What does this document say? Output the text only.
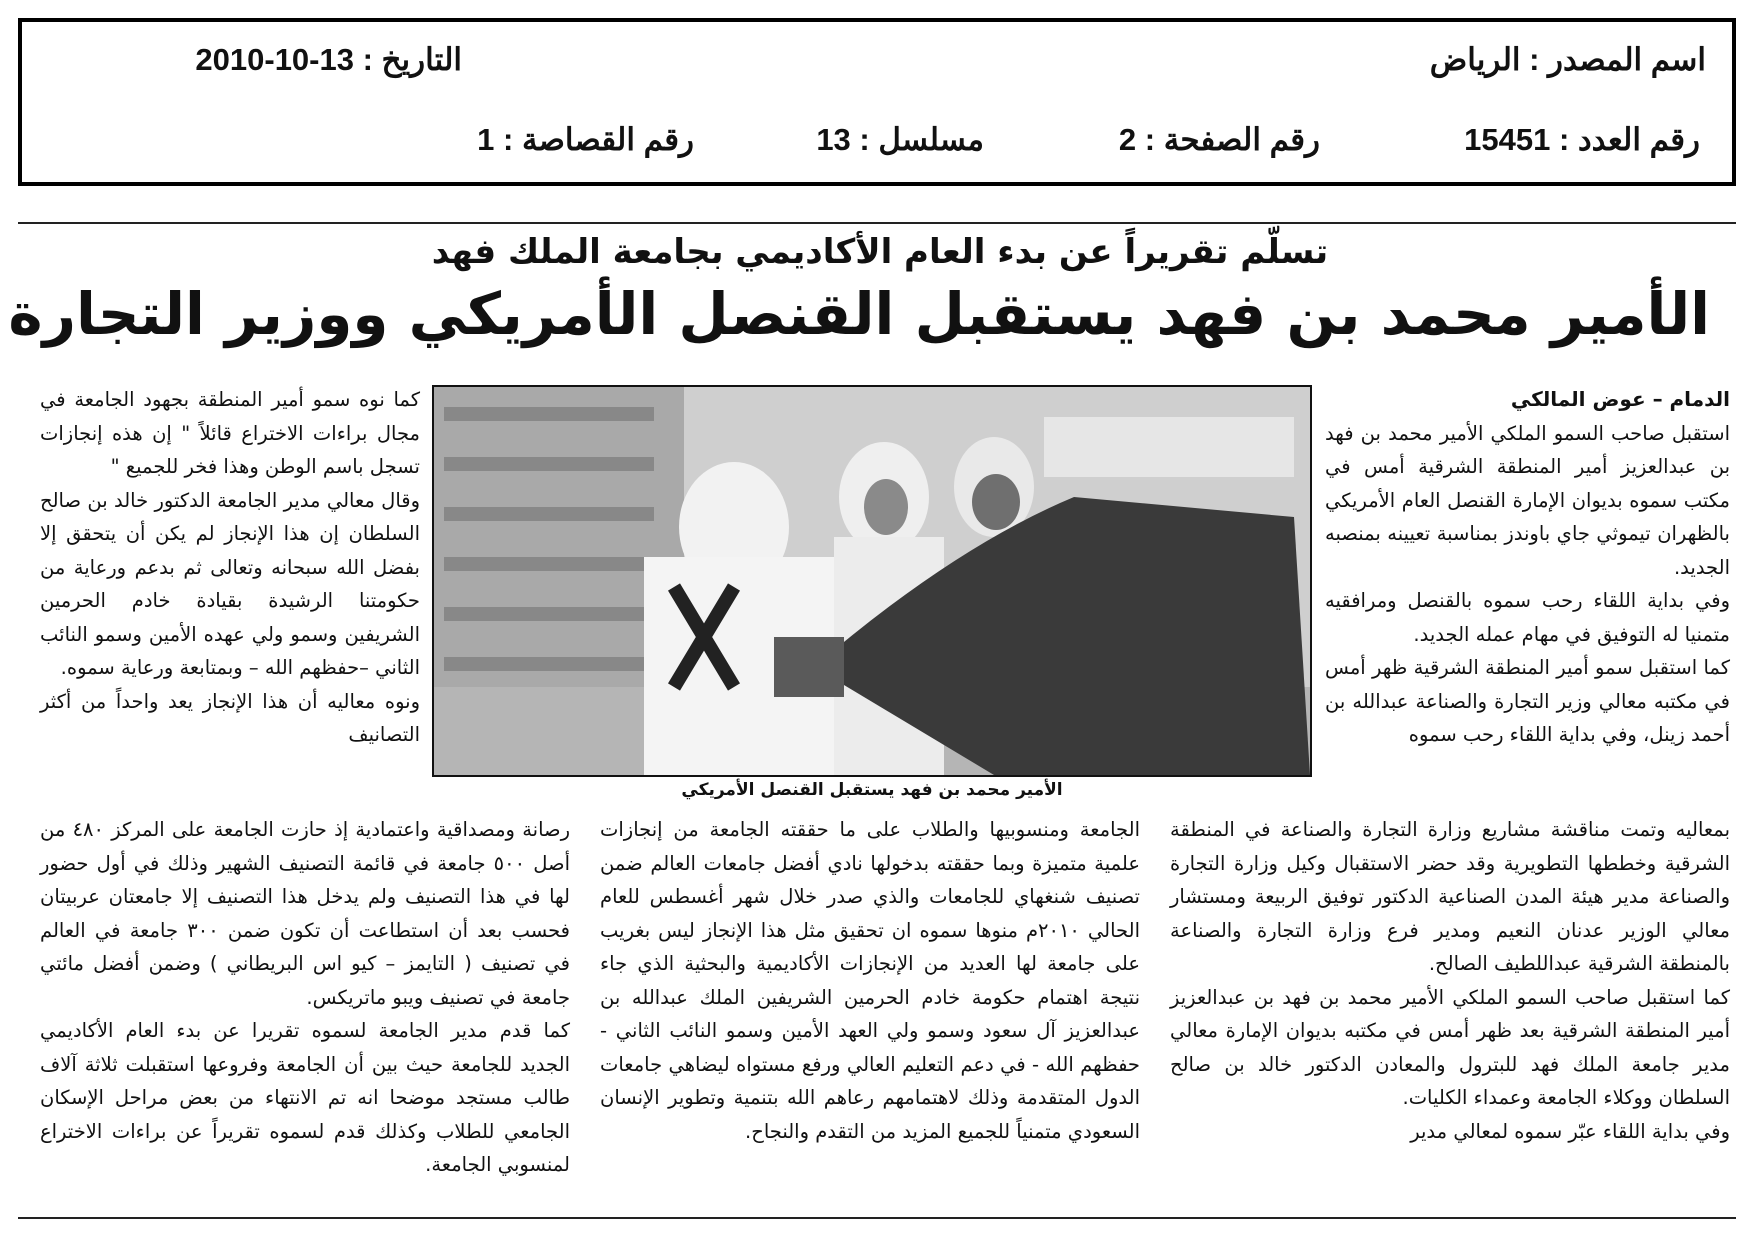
اسم المصدر : الرياض
التاريخ : 13-10-2010
رقم العدد : 15451
رقم الصفحة : 2
مسلسل : 13
رقم القصاصة : 1
تسلّم تقريراً عن بدء العام الأكاديمي بجامعة الملك فهد
الأمير محمد بن فهد يستقبل القنصل الأمريكي ووزير التجارة
الأمير محمد بن فهد يستقبل القنصل الأمريكي

الدمام – عوض المالكي

استقبل صاحب السمو الملكي الأمير محمد بن فهد بن عبدالعزيز أمير المنطقة الشرقية أمس في مكتب سموه بديوان الإمارة القنصل العام الأمريكي بالظهران تيموثي جاي باوندز بمناسبة تعيينه بمنصبه الجديد.
وفي بداية اللقاء رحب سموه بالقنصل ومرافقيه متمنيا له التوفيق في مهام عمله الجديد.
كما استقبل سمو أمير المنطقة الشرقية ظهر أمس في مكتبه معالي وزير التجارة والصناعة عبدالله بن أحمد زينل، وفي بداية اللقاء رحب سموه

كما نوه سمو أمير المنطقة بجهود الجامعة في مجال براءات الاختراع قائلاً " إن هذه إنجازات تسجل باسم الوطن وهذا فخر للجميع "
وقال معالي مدير الجامعة الدكتور خالد بن صالح السلطان إن هذا الإنجاز لم يكن أن يتحقق إلا بفضل الله سبحانه وتعالى ثم بدعم ورعاية من حكومتنا الرشيدة بقيادة خادم الحرمين الشريفين وسمو ولي عهده الأمين وسمو النائب الثاني –حفظهم الله – وبمتابعة ورعاية سموه.
ونوه معاليه أن هذا الإنجاز يعد واحداً من أكثر التصانيف

بمعاليه وتمت مناقشة مشاريع وزارة التجارة والصناعة في المنطقة الشرقية وخططها التطويرية وقد حضر الاستقبال وكيل وزارة التجارة والصناعة مدير هيئة المدن الصناعية الدكتور توفيق الربيعة ومستشار معالي الوزير عدنان النعيم ومدير فرع وزارة التجارة والصناعة بالمنطقة الشرقية عبداللطيف الصالح.
كما استقبل صاحب السمو الملكي الأمير محمد بن فهد بن عبدالعزيز أمير المنطقة الشرقية بعد ظهر أمس في مكتبه بديوان الإمارة معالي مدير جامعة الملك فهد للبترول والمعادن الدكتور خالد بن صالح السلطان ووكلاء الجامعة وعمداء الكليات.
وفي بداية اللقاء عبّر سموه لمعالي مدير

الجامعة ومنسوبيها والطلاب على ما حققته الجامعة من إنجازات علمية متميزة وبما حققته بدخولها نادي أفضل جامعات العالم ضمن تصنيف شنغهاي للجامعات والذي صدر خلال شهر أغسطس للعام الحالي ٢٠١٠م منوها سموه ان تحقيق مثل هذا الإنجاز ليس بغريب على جامعة لها العديد من الإنجازات الأكاديمية والبحثية الذي جاء نتيجة اهتمام حكومة خادم الحرمين الشريفين الملك عبدالله بن عبدالعزيز آل سعود وسمو ولي العهد الأمين وسمو النائب الثاني - حفظهم الله - في دعم التعليم العالي ورفع مستواه ليضاهي جامعات الدول المتقدمة وذلك لاهتمامهم رعاهم الله بتنمية وتطوير الإنسان السعودي متمنياً للجميع المزيد من التقدم والنجاح.

رصانة ومصداقية واعتمادية إذ حازت الجامعة على المركز ٤٨٠ من أصل ٥٠٠ جامعة في قائمة التصنيف الشهير وذلك في أول حضور لها في هذا التصنيف ولم يدخل هذا التصنيف إلا جامعتان عربيتان فحسب بعد أن استطاعت أن تكون ضمن ٣٠٠ جامعة في العالم في تصنيف ( التايمز – كيو اس البريطاني ) وضمن أفضل مائتي جامعة في تصنيف ويبو ماتريكس.
كما قدم مدير الجامعة لسموه تقريرا عن بدء العام الأكاديمي الجديد للجامعة حيث بين أن الجامعة وفروعها استقبلت ثلاثة آلاف طالب مستجد موضحا انه تم الانتهاء من بعض مراحل الإسكان الجامعي للطلاب وكذلك قدم لسموه تقريراً عن براءات الاختراع لمنسوبي الجامعة.
